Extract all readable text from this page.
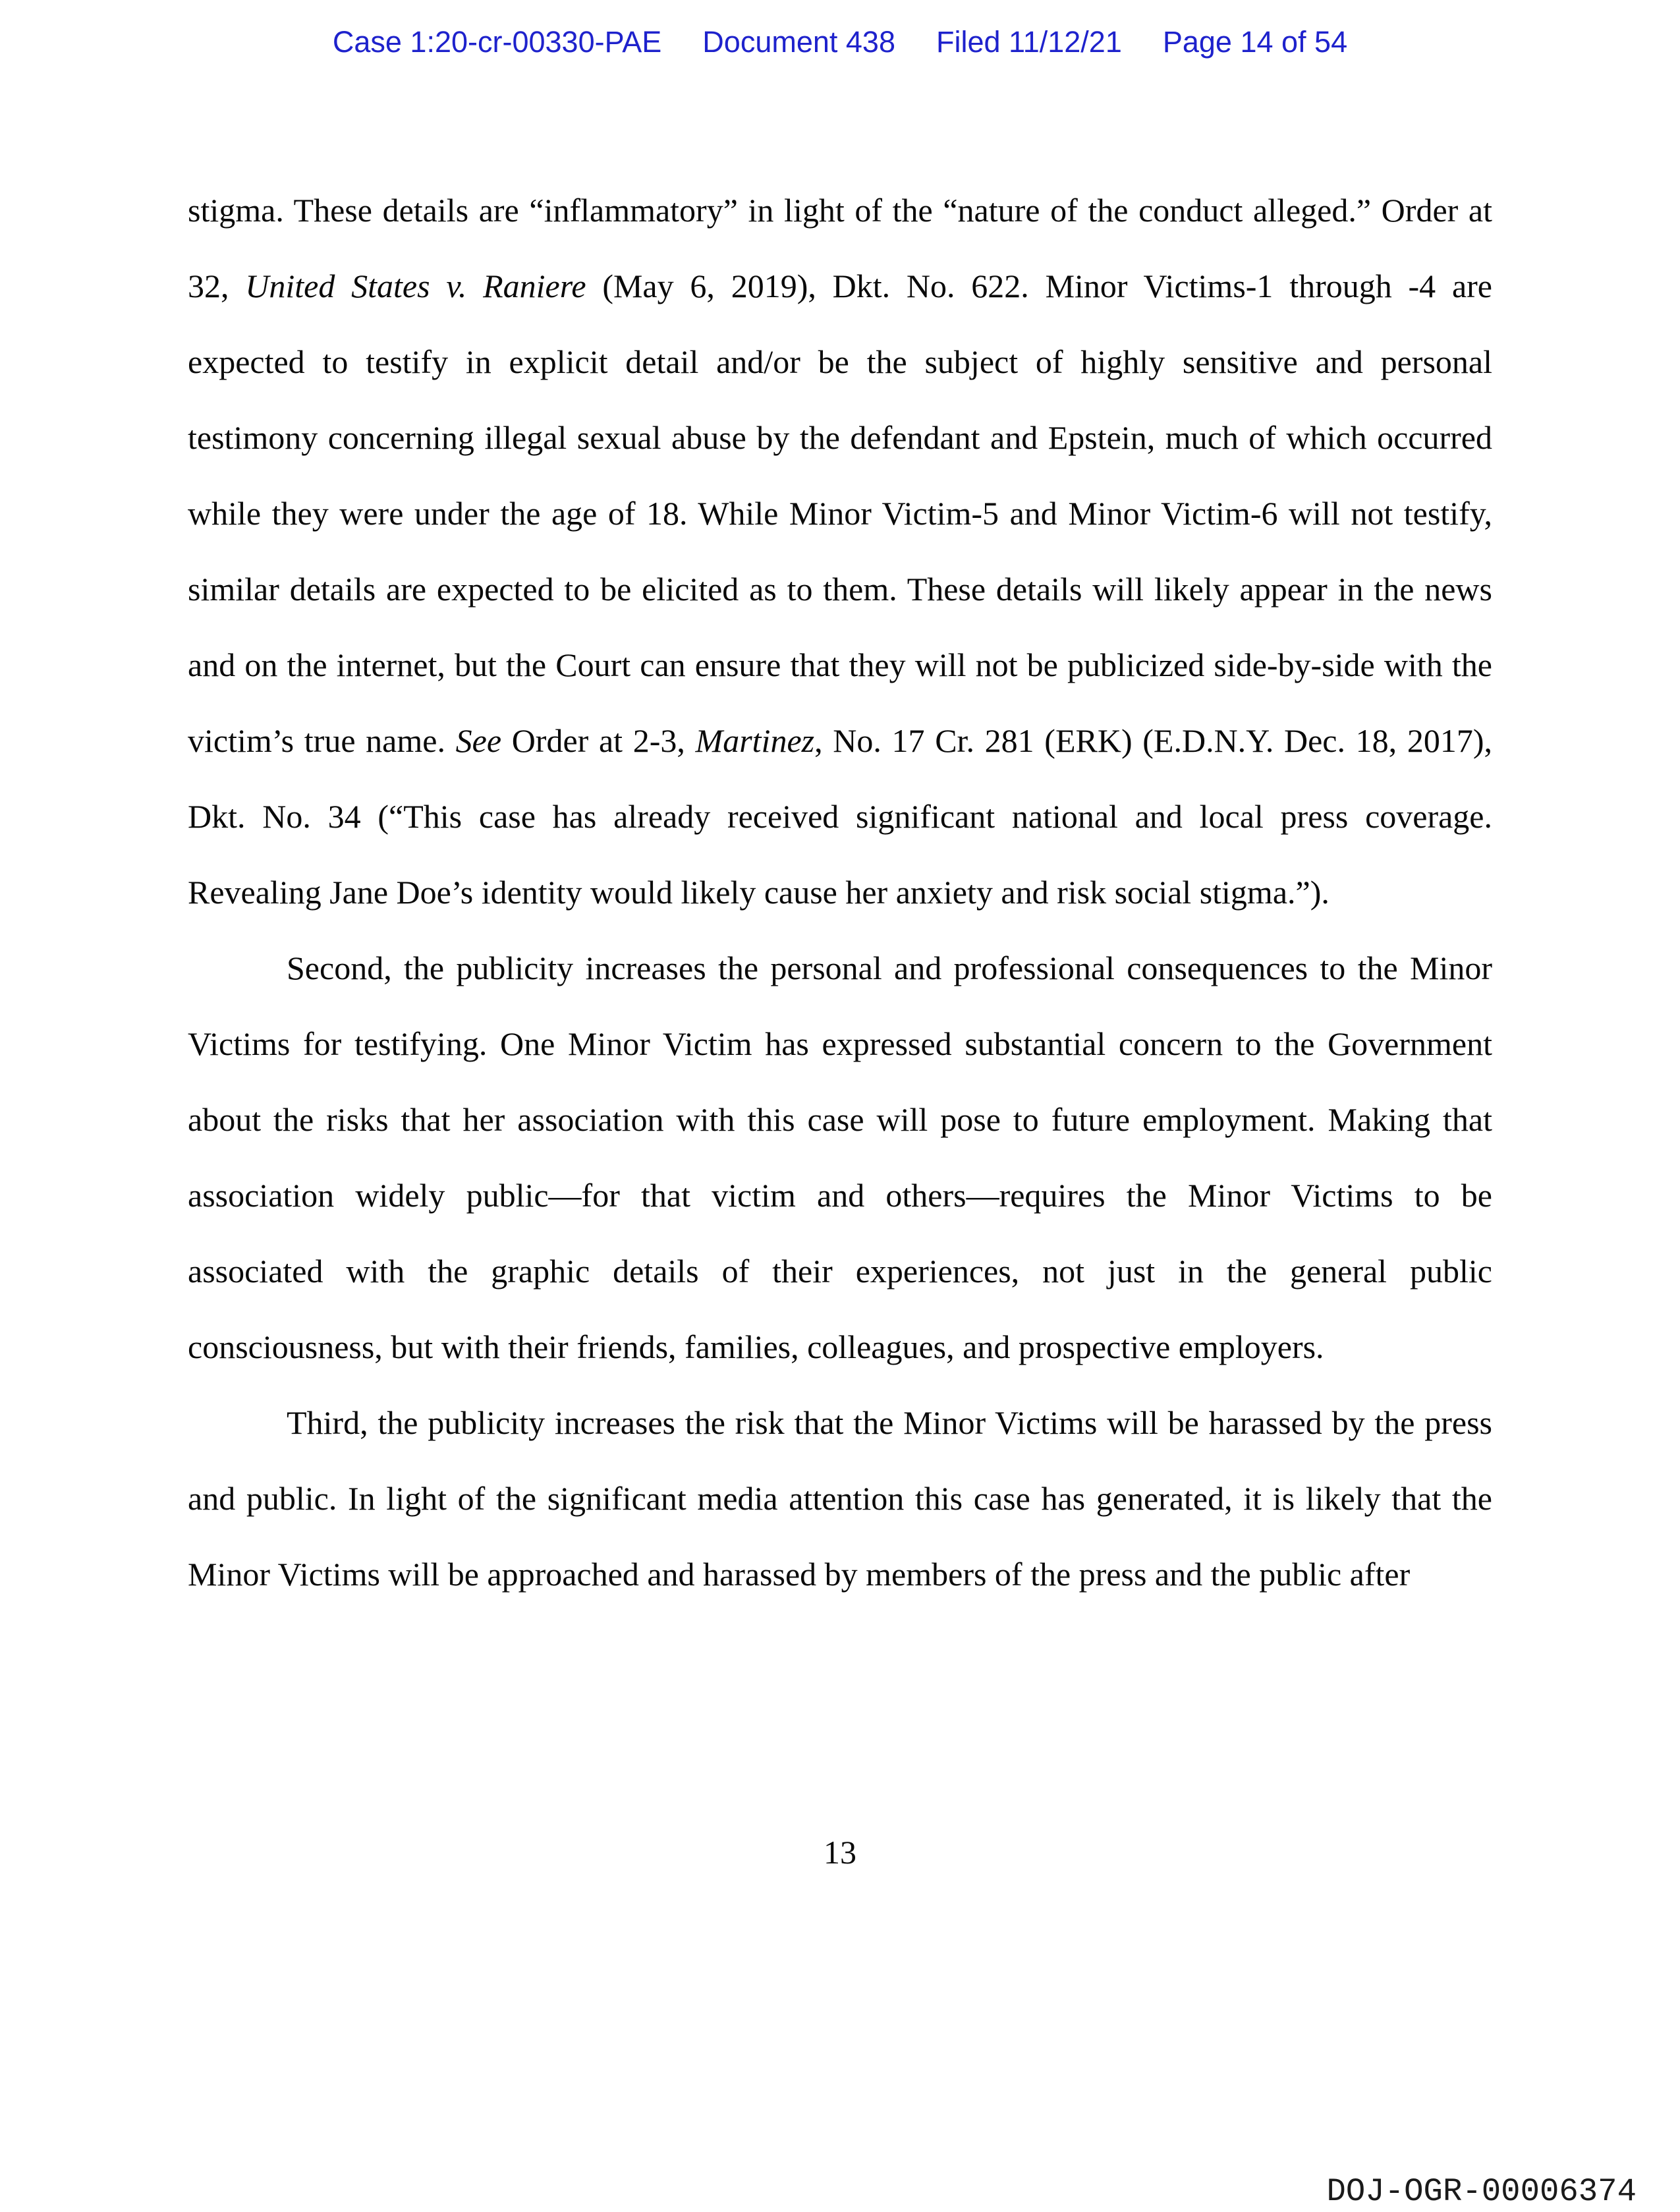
Case 1:20-cr-00330-PAE Document 438 Filed 11/12/21 Page 14 of 54

stigma. These details are “inflammatory” in light of the “nature of the conduct alleged.” Order at 32, United States v. Raniere (May 6, 2019), Dkt. No. 622. Minor Victims-1 through -4 are expected to testify in explicit detail and/or be the subject of highly sensitive and personal testimony concerning illegal sexual abuse by the defendant and Epstein, much of which occurred while they were under the age of 18. While Minor Victim-5 and Minor Victim-6 will not testify, similar details are expected to be elicited as to them. These details will likely appear in the news and on the internet, but the Court can ensure that they will not be publicized side-by-side with the victim’s true name. See Order at 2-3, Martinez, No. 17 Cr. 281 (ERK) (E.D.N.Y. Dec. 18, 2017), Dkt. No. 34 (“This case has already received significant national and local press coverage. Revealing Jane Doe’s identity would likely cause her anxiety and risk social stigma.”).

Second, the publicity increases the personal and professional consequences to the Minor Victims for testifying. One Minor Victim has expressed substantial concern to the Government about the risks that her association with this case will pose to future employment. Making that association widely public—for that victim and others—requires the Minor Victims to be associated with the graphic details of their experiences, not just in the general public consciousness, but with their friends, families, colleagues, and prospective employers.

Third, the publicity increases the risk that the Minor Victims will be harassed by the press and public. In light of the significant media attention this case has generated, it is likely that the Minor Victims will be approached and harassed by members of the press and the public after

13
DOJ-OGR-00006374
